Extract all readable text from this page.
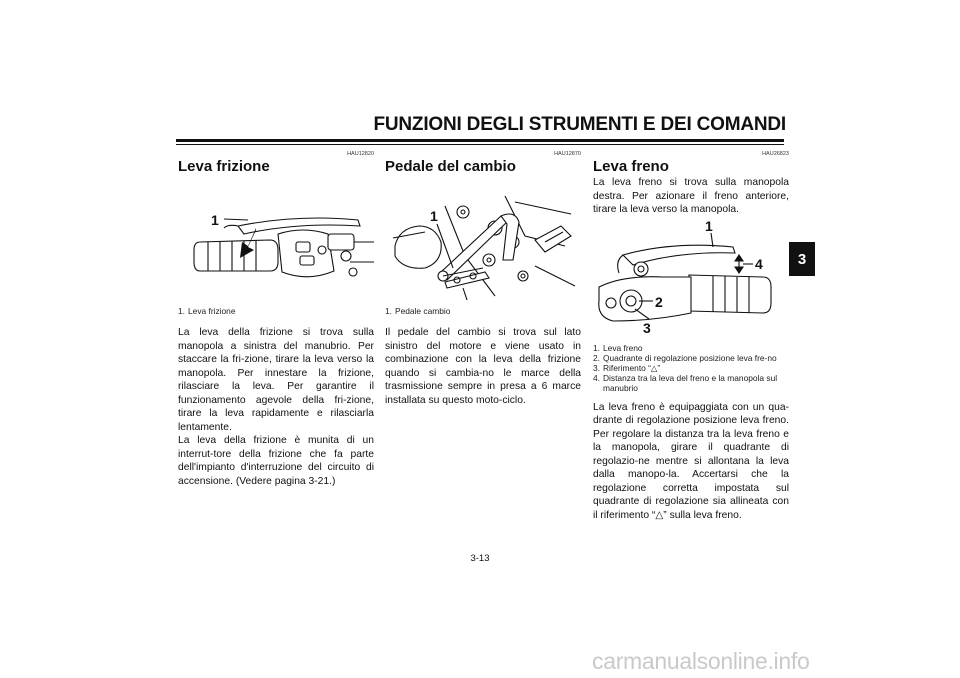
FUNZIONI DEGLI STRUMENTI E DEI COMANDI
3
HAU12820
Leva frizione
1
1. Leva frizione

La leva della frizione si trova sulla manopola a sinistra del manubrio. Per staccare la fri-zione, tirare la leva verso la manopola. Per innestare la frizione, rilasciare la leva. Per garantire il funzionamento agevole della fri-zione, tirare la leva rapidamente e rilasciarla lentamente.

La leva della frizione è munita di un interrut-tore della frizione che fa parte dell'impianto d'interruzione del circuito di accensione. (Vedere pagina 3-21.)

HAU12870
Pedale del cambio
1
1. Pedale cambio

Il pedale del cambio si trova sul lato sinistro del motore e viene usato in combinazione con la leva della frizione quando si cambia-no le marce della trasmissione sempre in presa a 6 marce installata su questo moto-ciclo.

HAU26823
Leva freno

La leva freno si trova sulla manopola destra. Per azionare il freno anteriore, tirare la leva verso la manopola.

1
4
2
3
1. Leva freno
2. Quadrante di regolazione posizione leva fre-no
3. Riferimento “△”
4. Distanza tra la leva del freno e la manopola sul manubrio

La leva freno è equipaggiata con un qua-drante di regolazione posizione leva freno. Per regolare la distanza tra la leva freno e la manopola, girare il quadrante di regolazio-ne mentre si allontana la leva dalla manopo-la. Accertarsi che la regolazione corretta impostata sul quadrante di regolazione sia allineata con il riferimento “△” sulla leva freno.

3-13
carmanualsonline.info
